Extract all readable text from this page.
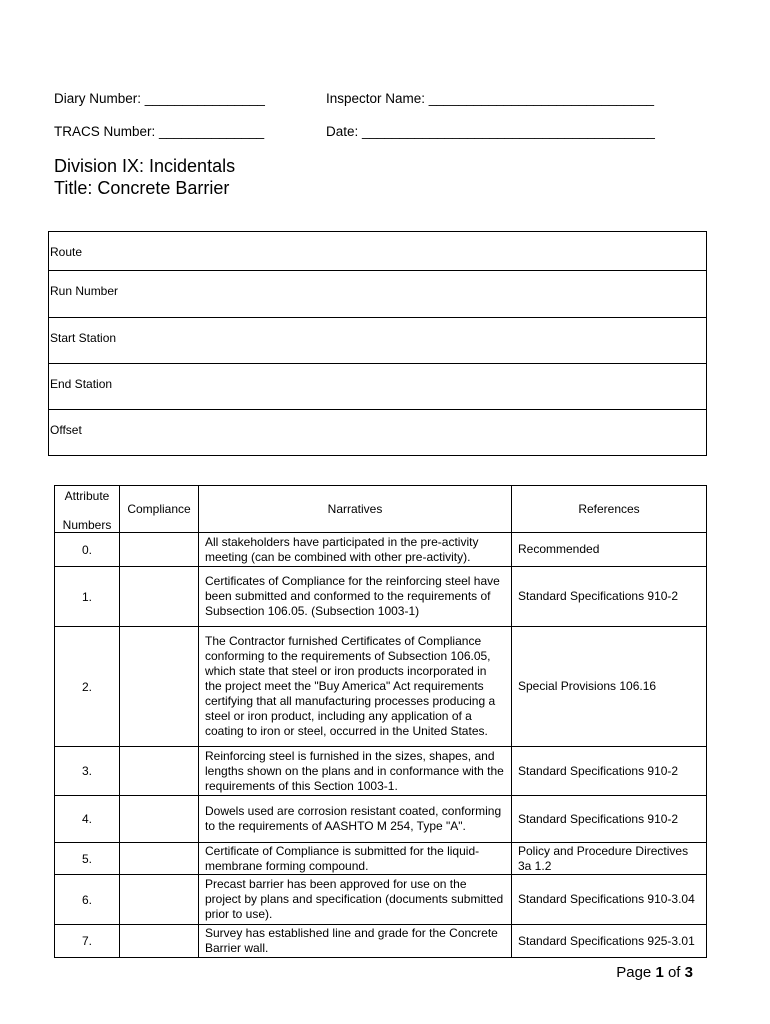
Diary Number: ________________	Inspector Name: ______________________________
TRACS Number: ______________	Date: _______________________________________
Division IX: Incidentals
Title: Concrete Barrier
Route
Run Number
Start Station
End Station
Offset
Attribute
Numbers	Compliance	Narratives	References
0.		All stakeholders have participated in the pre-activity meeting (can be combined with other pre-activity).	Recommended
1.		Certificates of Compliance for the reinforcing steel have been submitted and conformed to the requirements of Subsection 106.05. (Subsection 1003-1)	Standard Specifications 910-2
2.		The Contractor furnished Certificates of Compliance conforming to the requirements of Subsection 106.05, which state that steel or iron products incorporated in the project meet the "Buy America" Act requirements certifying that all manufacturing processes producing a steel or iron product, including any application of a coating to iron or steel, occurred in the United States.	Special Provisions 106.16
3.		Reinforcing steel is furnished in the sizes, shapes, and lengths shown on the plans and in conformance with the requirements of this Section 1003-1.	Standard Specifications 910-2
4.		Dowels used are corrosion resistant coated, conforming to the requirements of AASHTO M 254, Type "A".	Standard Specifications 910-2
5.		Certificate of Compliance is submitted for the liquid-membrane forming compound.	Policy and Procedure Directives 3a 1.2
6.		Precast barrier has been approved for use on the project by plans and specification (documents submitted prior to use).	Standard Specifications 910-3.04
7.		Survey has established line and grade for the Concrete Barrier wall.	Standard Specifications 925-3.01
Page 1 of 3
